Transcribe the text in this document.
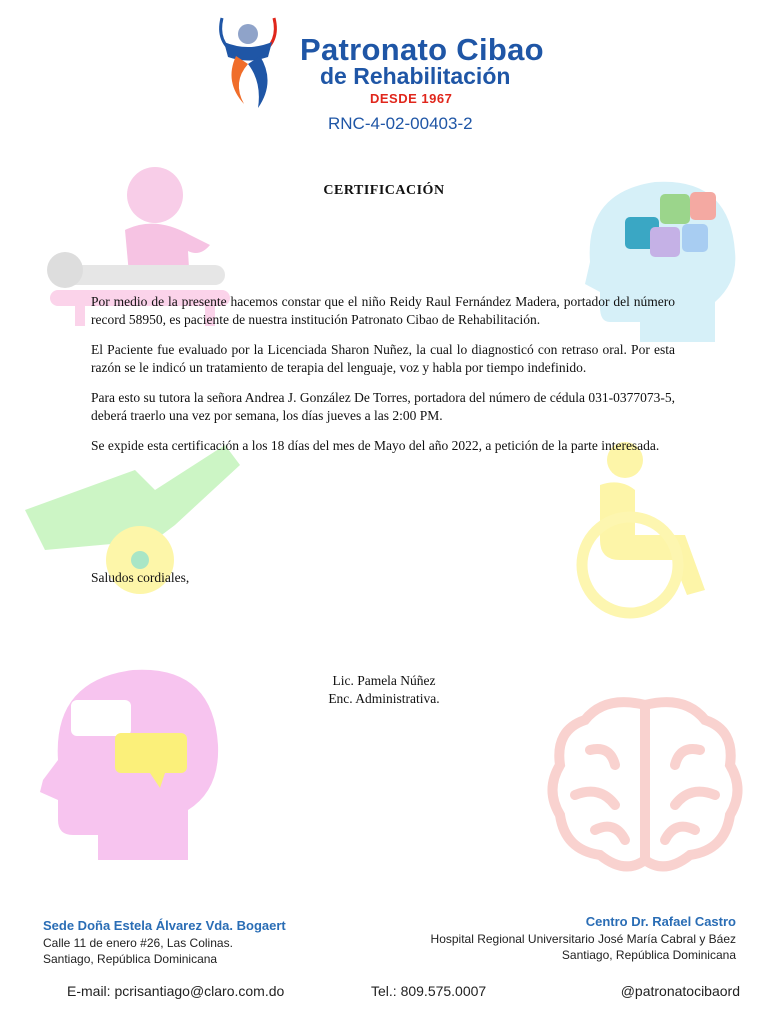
Patronato Cibao
de Rehabilitación
DESDE 1967
RNC-4-02-00403-2
CERTIFICACIÓN

Por medio de la presente hacemos constar que el niño Reidy Raul Fernández Madera, portador del número record 58950, es paciente de nuestra institución Patronato Cibao de Rehabilitación.

El Paciente fue evaluado por la Licenciada Sharon Nuñez, la cual lo diagnosticó con retraso oral. Por esta razón se le indicó un tratamiento de terapia del lenguaje, voz y habla por tiempo indefinido.

Para esto su tutora la señora Andrea J. González De Torres, portadora del número de cédula 031-0377073-5, deberá traerlo una vez por semana, los días jueves a las 2:00 PM.

Se expide esta certificación a los 18 días del mes de Mayo del año 2022, a petición de la parte interesada.

Saludos cordiales,
Lic. Pamela Núñez
Enc. Administrativa.
Sede Doña Estela Álvarez Vda. Bogaert
Calle 11 de enero #26, Las Colinas.
Santiago, República Dominicana
Centro Dr. Rafael Castro
Hospital Regional Universitario José María Cabral y Báez
Santiago, República Dominicana
E-mail: pcrisantiago@claro.com.do	Tel.: 809.575.0007	@patronatocibaord
